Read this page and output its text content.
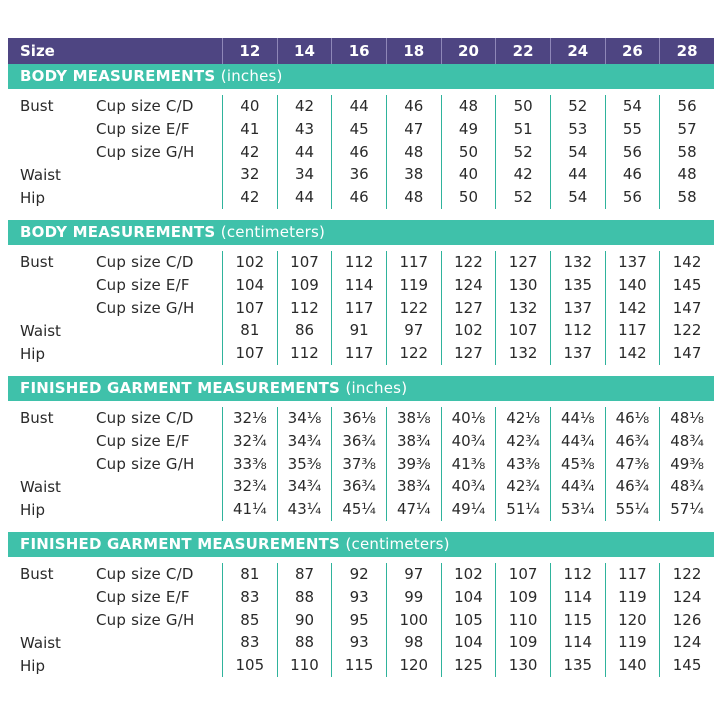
Size	12	14	16	18	20	22	24	26	28
BODY MEASUREMENTS (inches)
Bust	Cup size C/D	40	42	44	46	48	50	52	54	56
Cup size E/F	41	43	45	47	49	51	53	55	57
Cup size G/H	42	44	46	48	50	52	54	56	58
Waist	32	34	36	38	40	42	44	46	48
Hip	42	44	46	48	50	52	54	56	58
BODY MEASUREMENTS (centimeters)
Bust	Cup size C/D	102	107	112	117	122	127	132	137	142
Cup size E/F	104	109	114	119	124	130	135	140	145
Cup size G/H	107	112	117	122	127	132	137	142	147
Waist	81	86	91	97	102	107	112	117	122
Hip	107	112	117	122	127	132	137	142	147
FINISHED GARMENT MEASUREMENTS (inches)
Bust	Cup size C/D	32⅛	34⅛	36⅛	38⅛	40⅛	42⅛	44⅛	46⅛	48⅛
Cup size E/F	32¾	34¾	36¾	38¾	40¾	42¾	44¾	46¾	48¾
Cup size G/H	33⅜	35⅜	37⅜	39⅜	41⅜	43⅜	45⅜	47⅜	49⅜
Waist	32¾	34¾	36¾	38¾	40¾	42¾	44¾	46¾	48¾
Hip	41¼	43¼	45¼	47¼	49¼	51¼	53¼	55¼	57¼
FINISHED GARMENT MEASUREMENTS (centimeters)
Bust	Cup size C/D	81	87	92	97	102	107	112	117	122
Cup size E/F	83	88	93	99	104	109	114	119	124
Cup size G/H	85	90	95	100	105	110	115	120	126
Waist	83	88	93	98	104	109	114	119	124
Hip	105	110	115	120	125	130	135	140	145
